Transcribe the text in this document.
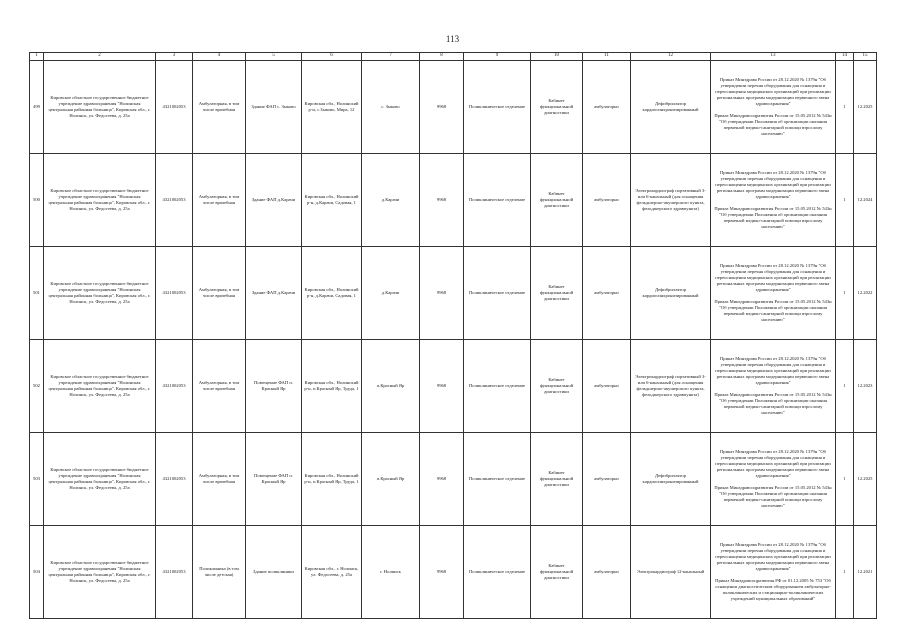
113
1	2	3	4	5	6	7	8	9	10	11	12	13	14	15
499	Кировское областное государственное бюджетное учреждение здравоохранения "Нолинская центральная районная больница", Кировская обл., г. Нолинск, ул. Федосеева, д. 25а	4321002053	Амбулаторная, в том числе врачебная	Здание ФАП с. Зыково	Кировская обл., Нолинский р-н, с.Зыково, Мира, 12	с. Зыково	9968	Поликлиническое отделение	Кабинет функциональной диагностики	амбулаторно	Дефибриллятор кардиосинхронизированный	Приказ Минздрава России от 28.12.2020 № 1379н "Об утверждении перечня оборудования для оснащения и переоснащения медицинских организаций при реализации региональных программ модернизации первичного звена здравоохранения"

Приказ Минздравсоцразвития России от 15.05.2012 № 543н "Об утверждении Положения об организации оказания первичной медико-санитарной помощи взрослому населению"	1	12.2025
500	Кировское областное государственное бюджетное учреждение здравоохранения "Нолинская центральная районная больница", Кировская обл., г. Нолинск, ул. Федосеева, д. 25а	4321002053	Амбулаторная, в том числе врачебная	Здание ФАП д.Карачи	Кировская обл., Нолинский р-н, д.Карачи, Садовая, 1	д.Карачи	9968	Поликлиническое отделение	Кабинет функциональной диагностики	амбулаторно	Электрокардиограф портативный 3- или 6-канальный (для оснащения фельдшерско-акушерского пункта, фельдшерского здравпункта)	Приказ Минздрава России от 28.12.2020 № 1379н "Об утверждении перечня оборудования для оснащения и переоснащения медицинских организаций при реализации региональных программ модернизации первичного звена здравоохранения"

Приказ Минздравсоцразвития России от 15.05.2012 № 543н "Об утверждении Положения об организации оказания первичной медико-санитарной помощи взрослому населению"	1	12.2024
501	Кировское областное государственное бюджетное учреждение здравоохранения "Нолинская центральная районная больница", Кировская обл., г. Нолинск, ул. Федосеева, д. 25а	4321002053	Амбулаторная, в том числе врачебная	Здание ФАП д.Карачи	Кировская обл., Нолинский р-н, д.Карачи, Садовая, 1	д.Карачи	9968	Поликлиническое отделение	Кабинет функциональной диагностики	амбулаторно	Дефибриллятор кардиосинхронизированный	Приказ Минздрава России от 28.12.2020 № 1379н "Об утверждении перечня оборудования для оснащения и переоснащения медицинских организаций при реализации региональных программ модернизации первичного звена здравоохранения"

Приказ Минздравсоцразвития России от 15.05.2012 № 543н "Об утверждении Положения об организации оказания первичной медико-санитарной помощи взрослому населению"	1	12.2022
502	Кировское областное государственное бюджетное учреждение здравоохранения "Нолинская центральная районная больница", Кировская обл., г. Нолинск, ул. Федосеева, д. 25а	4321002053	Амбулаторная, в том числе врачебная	Помещение ФАП п. Красный Яр	Кировская обл., Нолинский р-н, п.Красный Яр, Труда, 1	п.Красный Яр	9968	Поликлиническое отделение	Кабинет функциональной диагностики	амбулаторно	Электрокардиограф портативный 3- или 6-канальный (для оснащения фельдшерско-акушерского пункта, фельдшерского здравпункта)	Приказ Минздрава России от 28.12.2020 № 1379н "Об утверждении перечня оборудования для оснащения и переоснащения медицинских организаций при реализации региональных программ модернизации первичного звена здравоохранения"

Приказ Минздравсоцразвития России от 15.05.2012 № 543н "Об утверждении Положения об организации оказания первичной медико-санитарной помощи взрослому населению"	1	12.2023
503	Кировское областное государственное бюджетное учреждение здравоохранения "Нолинская центральная районная больница", Кировская обл., г. Нолинск, ул. Федосеева, д. 25а	4321002053	Амбулаторная, в том числе врачебная	Помещение ФАП п. Красный Яр	Кировская обл., Нолинский р-н, п.Красный Яр, Труда, 1	п.Красный Яр	9968	Поликлиническое отделение	Кабинет функциональной диагностики	амбулаторно	Дефибриллятор кардиосинхронизированный	Приказ Минздрава России от 28.12.2020 № 1379н "Об утверждении перечня оборудования для оснащения и переоснащения медицинских организаций при реализации региональных программ модернизации первичного звена здравоохранения"

Приказ Минздравсоцразвития России от 15.05.2012 № 543н "Об утверждении Положения об организации оказания первичной медико-санитарной помощи взрослому населению"	1	12.2025
504	Кировское областное государственное бюджетное учреждение здравоохранения "Нолинская центральная районная больница", Кировская обл., г. Нолинск, ул. Федосеева, д. 25а	4321002053	Поликлиника (в том числе детская)	Здание поликлиники	Кировская обл., г. Нолинск, ул. Федосеева, д. 25а	г. Нолинск	9968	Поликлиническое отделение	Кабинет функциональной диагностики	амбулаторно	Электрокардиограф 12-канальный	Приказ Минздрава России от 28.12.2020 № 1379н "Об утверждении перечня оборудования для оснащения и переоснащения медицинских организаций при реализации региональных программ модернизации первичного звена здравоохранения"

Приказ Минздравсоцразвития РФ от 01.12.2005 № 753 "Об оснащении диагностическим оборудованием амбулаторно-поликлинических и стационарно-поликлинических учреждений муниципальных образований"	1	12.2021
